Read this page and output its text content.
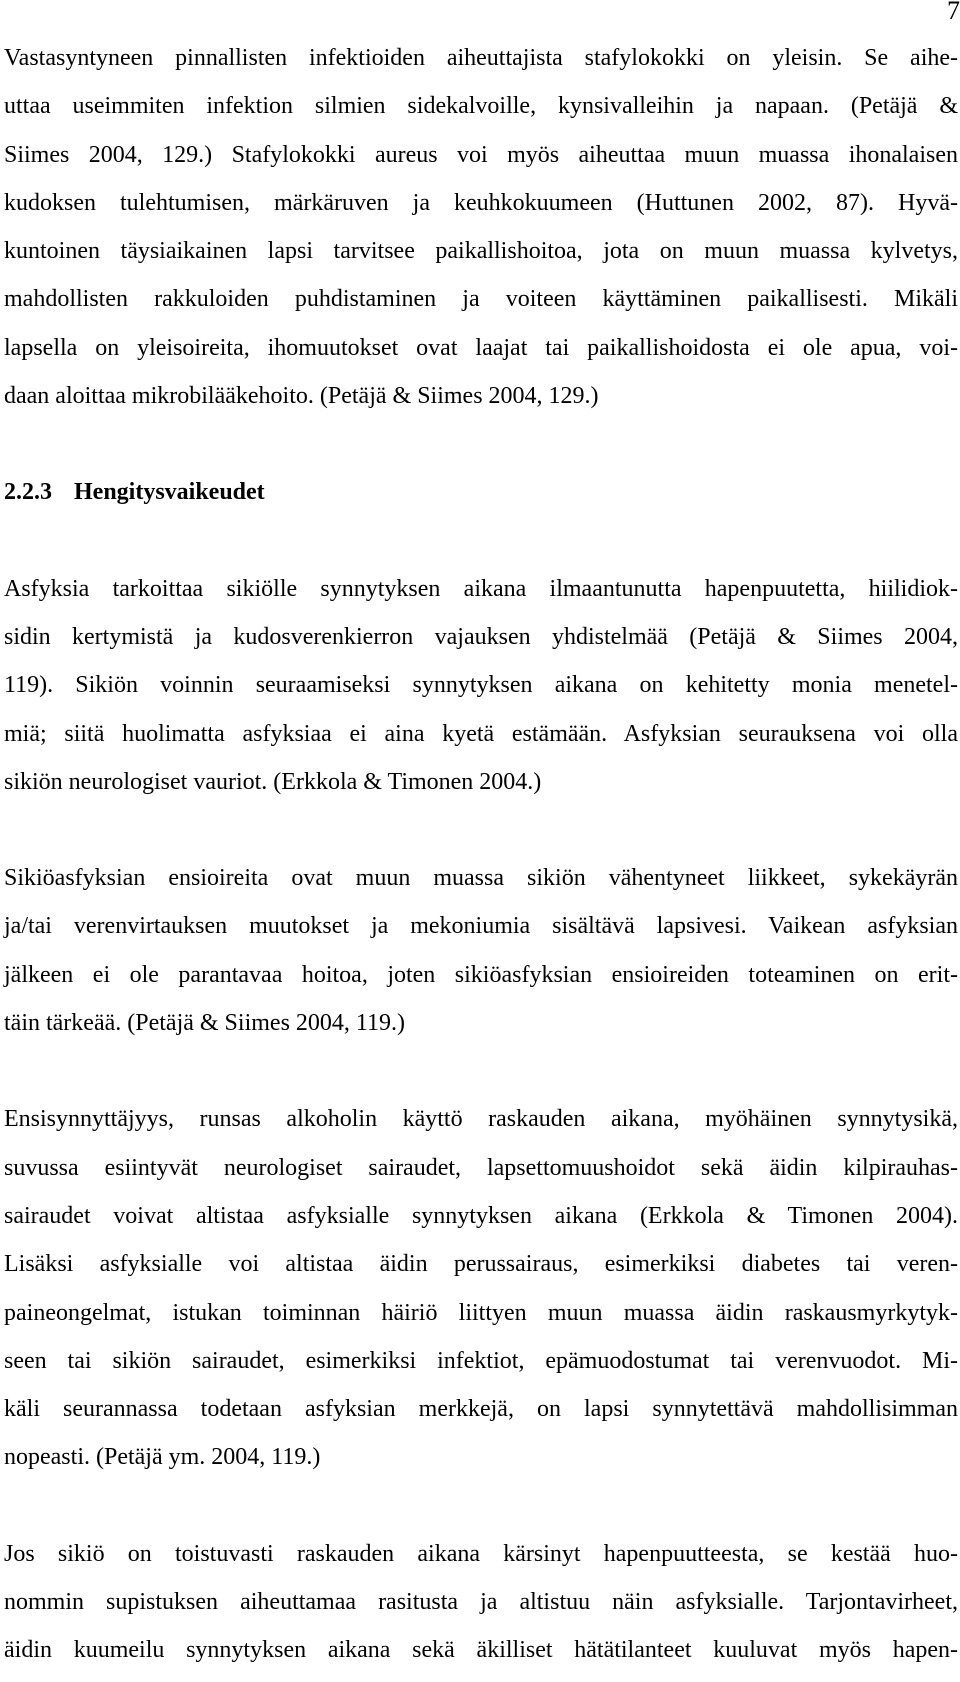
7
Vastasyntyneen pinnallisten infektioiden aiheuttajista stafylokokki on yleisin. Se aihe-
uttaa useimmiten infektion silmien sidekalvoille, kynsivalleihin ja napaan. (Petäjä &
Siimes 2004, 129.) Stafylokokki aureus voi myös aiheuttaa muun muassa ihonalaisen
kudoksen tulehtumisen, märkäruven ja keuhkokuumeen (Huttunen 2002, 87). Hyvä-
kuntoinen täysiaikainen lapsi tarvitsee paikallishoitoa, jota on muun muassa kylvetys,
mahdollisten rakkuloiden puhdistaminen ja voiteen käyttäminen paikallisesti. Mikäli
lapsella on yleisoireita, ihomuutokset ovat laajat tai paikallishoidosta ei ole apua, voi-
daan aloittaa mikrobilääkehoito. (Petäjä & Siimes 2004, 129.)
2.2.3 Hengitysvaikeudet
Asfyksia tarkoittaa sikiölle synnytyksen aikana ilmaantunutta hapenpuutetta, hiilidiok-
sidin kertymistä ja kudosverenkierron vajauksen yhdistelmää (Petäjä & Siimes 2004,
119). Sikiön voinnin seuraamiseksi synnytyksen aikana on kehitetty monia menetel-
miä; siitä huolimatta asfyksiaa ei aina kyetä estämään. Asfyksian seurauksena voi olla
sikiön neurologiset vauriot. (Erkkola & Timonen 2004.)
Sikiöasfyksian ensioireita ovat muun muassa sikiön vähentyneet liikkeet, sykekäyrän
ja/tai verenvirtauksen muutokset ja mekoniumia sisältävä lapsivesi. Vaikean asfyksian
jälkeen ei ole parantavaa hoitoa, joten sikiöasfyksian ensioireiden toteaminen on erit-
täin tärkeää. (Petäjä & Siimes 2004, 119.)
Ensisynnyttäjyys, runsas alkoholin käyttö raskauden aikana, myöhäinen synnytysikä,
suvussa esiintyvät neurologiset sairaudet, lapsettomuushoidot sekä äidin kilpirauhas-
sairaudet voivat altistaa asfyksialle synnytyksen aikana (Erkkola & Timonen 2004).
Lisäksi asfyksialle voi altistaa äidin perussairaus, esimerkiksi diabetes tai veren-
paineongelmat, istukan toiminnan häiriö liittyen muun muassa äidin raskausmyrkytyk-
seen tai sikiön sairaudet, esimerkiksi infektiot, epämuodostumat tai verenvuodot. Mi-
käli seurannassa todetaan asfyksian merkkejä, on lapsi synnytettävä mahdollisimman
nopeasti. (Petäjä ym. 2004, 119.)
Jos sikiö on toistuvasti raskauden aikana kärsinyt hapenpuutteesta, se kestää huo-
nommin supistuksen aiheuttamaa rasitusta ja altistuu näin asfyksialle. Tarjontavirheet,
äidin kuumeilu synnytyksen aikana sekä äkilliset hätätilanteet kuuluvat myös hapen-
